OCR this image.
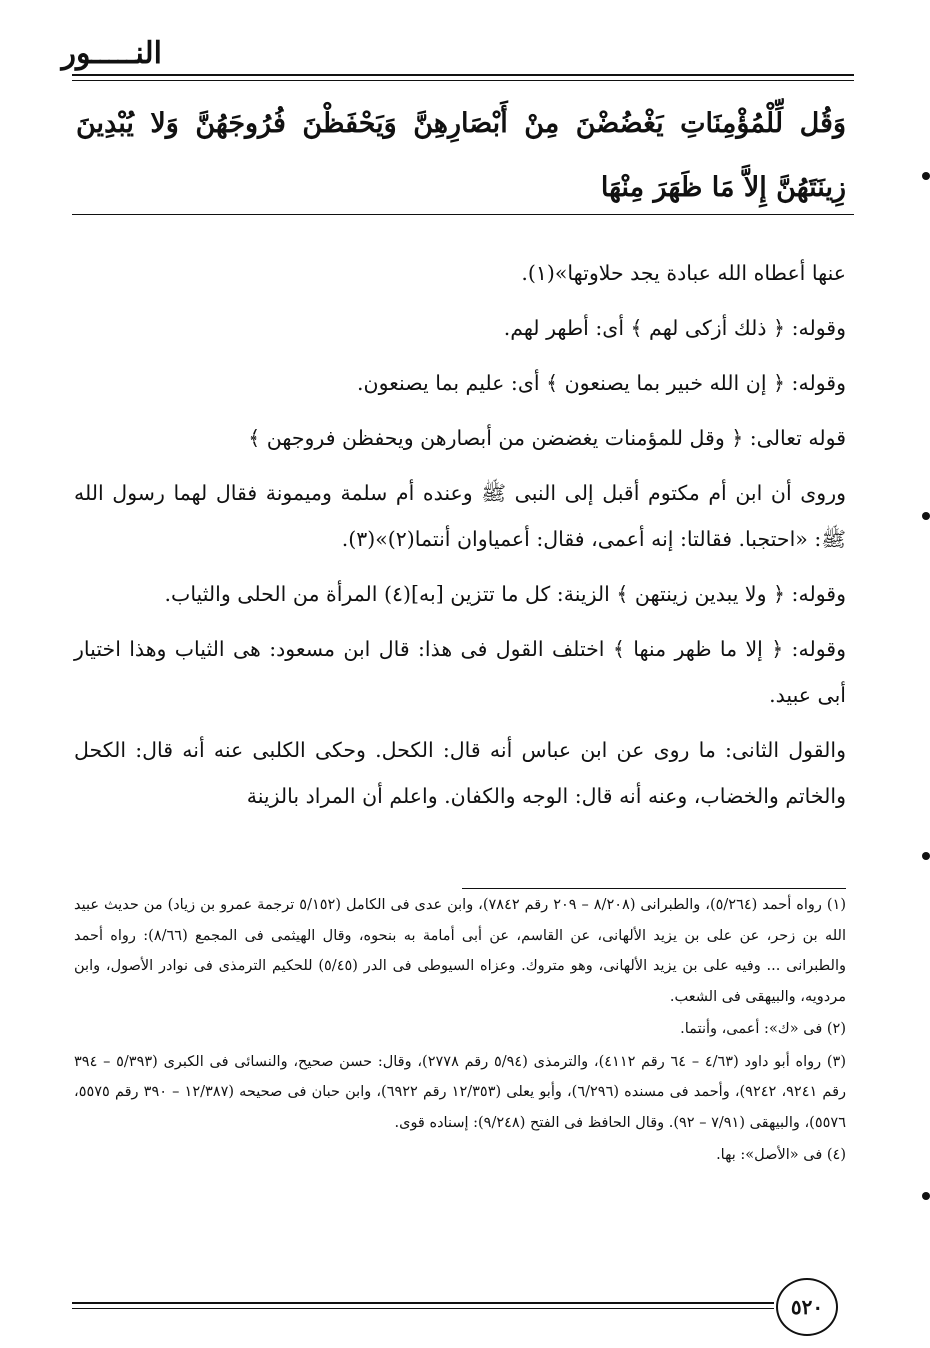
النـــــور
وَقُل لِّلْمُؤْمِنَاتِ يَغْضُضْنَ مِنْ أَبْصَارِهِنَّ وَيَحْفَظْنَ فُرُوجَهُنَّ وَلا يُبْدِينَ زِينَتَهُنَّ إِلاَّ مَا ظَهَرَ مِنْهَا

عنها أعطاه الله عبادة يجد حلاوتها»(١).

وقوله: ﴿ ذلك أزكى لهم ﴾ أى: أطهر لهم.

وقوله: ﴿ إن الله خبير بما يصنعون ﴾ أى: عليم بما يصنعون.

قوله تعالى: ﴿ وقل للمؤمنات يغضضن من أبصارهن ويحفظن فروجهن ﴾

وروى أن ابن أم مكتوم أقبل إلى النبى ﷺ وعنده أم سلمة وميمونة فقال لهما رسول الله ﷺ: «احتجبا. فقالتا: إنه أعمى، فقال: أعمياوان أنتما(٢)»(٣).

وقوله: ﴿ ولا يبدين زينتهن ﴾ الزينة: كل ما تتزين [به](٤) المرأة من الحلى والثياب.

وقوله: ﴿ إلا ما ظهر منها ﴾ اختلف القول فى هذا: قال ابن مسعود: هى الثياب وهذا اختيار أبى عبيد.

والقول الثانى: ما روى عن ابن عباس أنه قال: الكحل. وحكى الكلبى عنه أنه قال: الكحل والخاتم والخضاب، وعنه أنه قال: الوجه والكفان. واعلم أن المراد بالزينة

(١) رواه أحمد (٥/٢٦٤)، والطبرانى (٨/٢٠٨ – ٢٠٩ رقم ٧٨٤٢)، وابن عدى فى الكامل (٥/١٥٢ ترجمة عمرو بن زياد) من حديث عبيد الله بن زحر، عن على بن يزيد الألهانى، عن القاسم، عن أبى أمامة به بنحوه، وقال الهيثمى فى المجمع (٨/٦٦): رواه أحمد والطبرانى ... وفيه على بن يزيد الألهانى، وهو متروك. وعزاه السيوطى فى الدر (٥/٤٥) للحكيم الترمذى فى نوادر الأصول، وابن مردويه، والبيهقى فى الشعب.

(٢) فى «ك»: أعمى، وأنتما.

(٣) رواه أبو داود (٤/٦٣ – ٦٤ رقم ٤١١٢)، والترمذى (٥/٩٤ رقم ٢٧٧٨)، وقال: حسن صحيح، والنسائى فى الكبرى (٥/٣٩٣ – ٣٩٤ رقم ٩٢٤١، ٩٢٤٢)، وأحمد فى مسنده (٦/٢٩٦)، وأبو يعلى (١٢/٣٥٣ رقم ٦٩٢٢)، وابن حبان فى صحيحه (١٢/٣٨٧ – ٣٩٠ رقم ٥٥٧٥، ٥٥٧٦)، والبيهقى (٧/٩١ – ٩٢). وقال الحافظ فى الفتح (٩/٢٤٨): إسناده قوى.

(٤) فى «الأصل»: بها.

٥٢٠
